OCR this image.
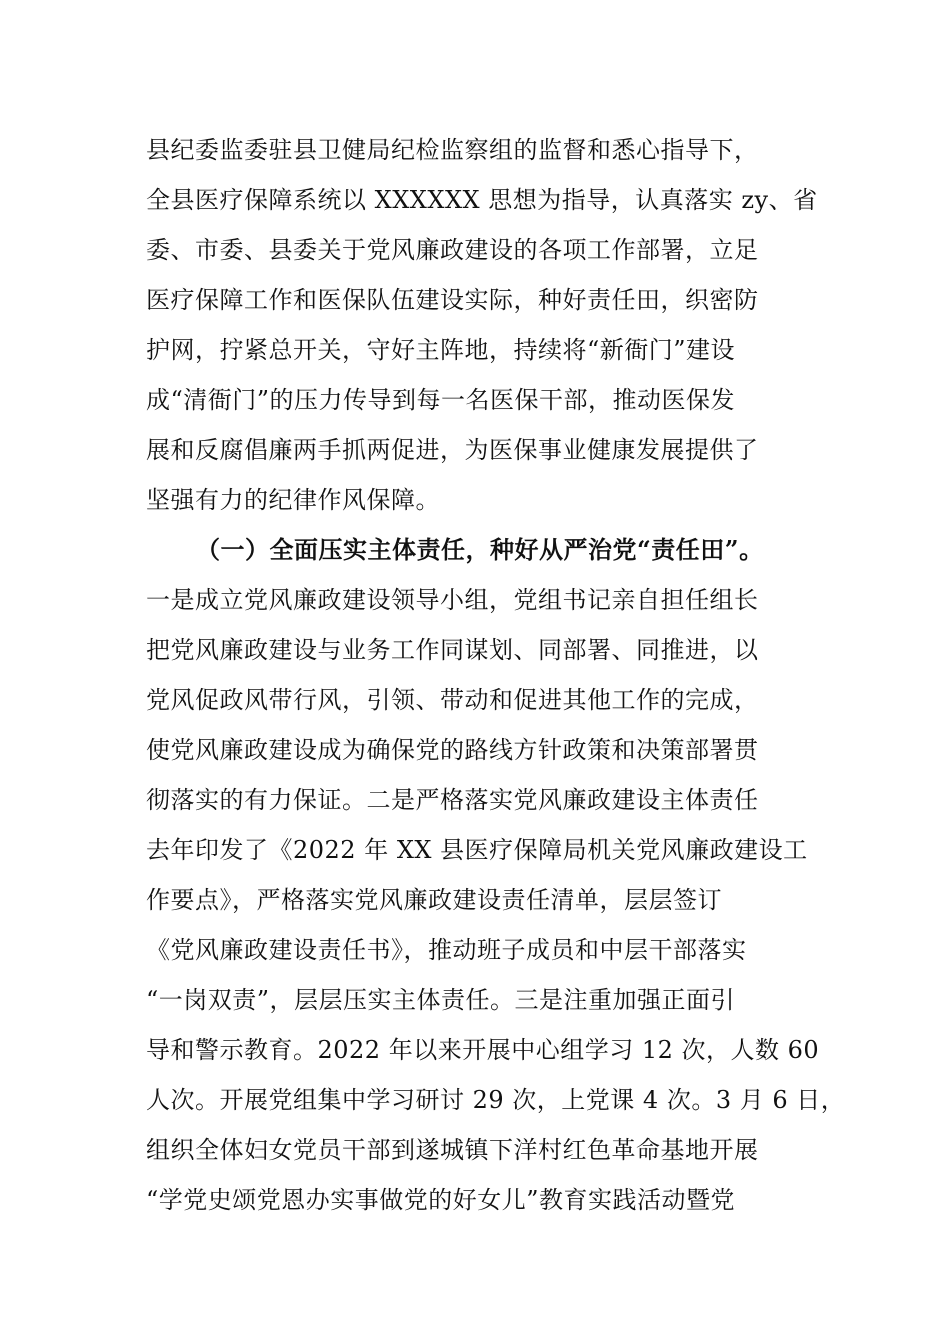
县纪委监委驻县卫健局纪检监察组的监督和悉心指导下，
全县医疗保障系统以 XXXXXX 思想为指导，认真落实 zy、省
委、市委、县委关于党风廉政建设的各项工作部署，立足
医疗保障工作和医保队伍建设实际，种好责任田，织密防
护网，拧紧总开关，守好主阵地，持续将“新衙门”建设
成“清衙门”的压力传导到每一名医保干部，推动医保发
展和反腐倡廉两手抓两促进，为医保事业健康发展提供了
坚强有力的纪律作风保障。
（一）全面压实主体责任，种好从严治党“责任田”。
一是成立党风廉政建设领导小组，党组书记亲自担任组长
把党风廉政建设与业务工作同谋划、同部署、同推进，以
党风促政风带行风，引领、带动和促进其他工作的完成，
使党风廉政建设成为确保党的路线方针政策和决策部署贯
彻落实的有力保证。二是严格落实党风廉政建设主体责任
去年印发了《2022 年 XX 县医疗保障局机关党风廉政建设工
作要点》，严格落实党风廉政建设责任清单，层层签订
《党风廉政建设责任书》，推动班子成员和中层干部落实
“一岗双责”，层层压实主体责任。三是注重加强正面引
导和警示教育。2022 年以来开展中心组学习 12 次，人数 60
人次。开展党组集中学习研讨 29 次，上党课 4 次。3 月 6 日，
组织全体妇女党员干部到遂城镇下洋村红色革命基地开展
“学党史颂党恩办实事做党的好女儿”教育实践活动暨党
